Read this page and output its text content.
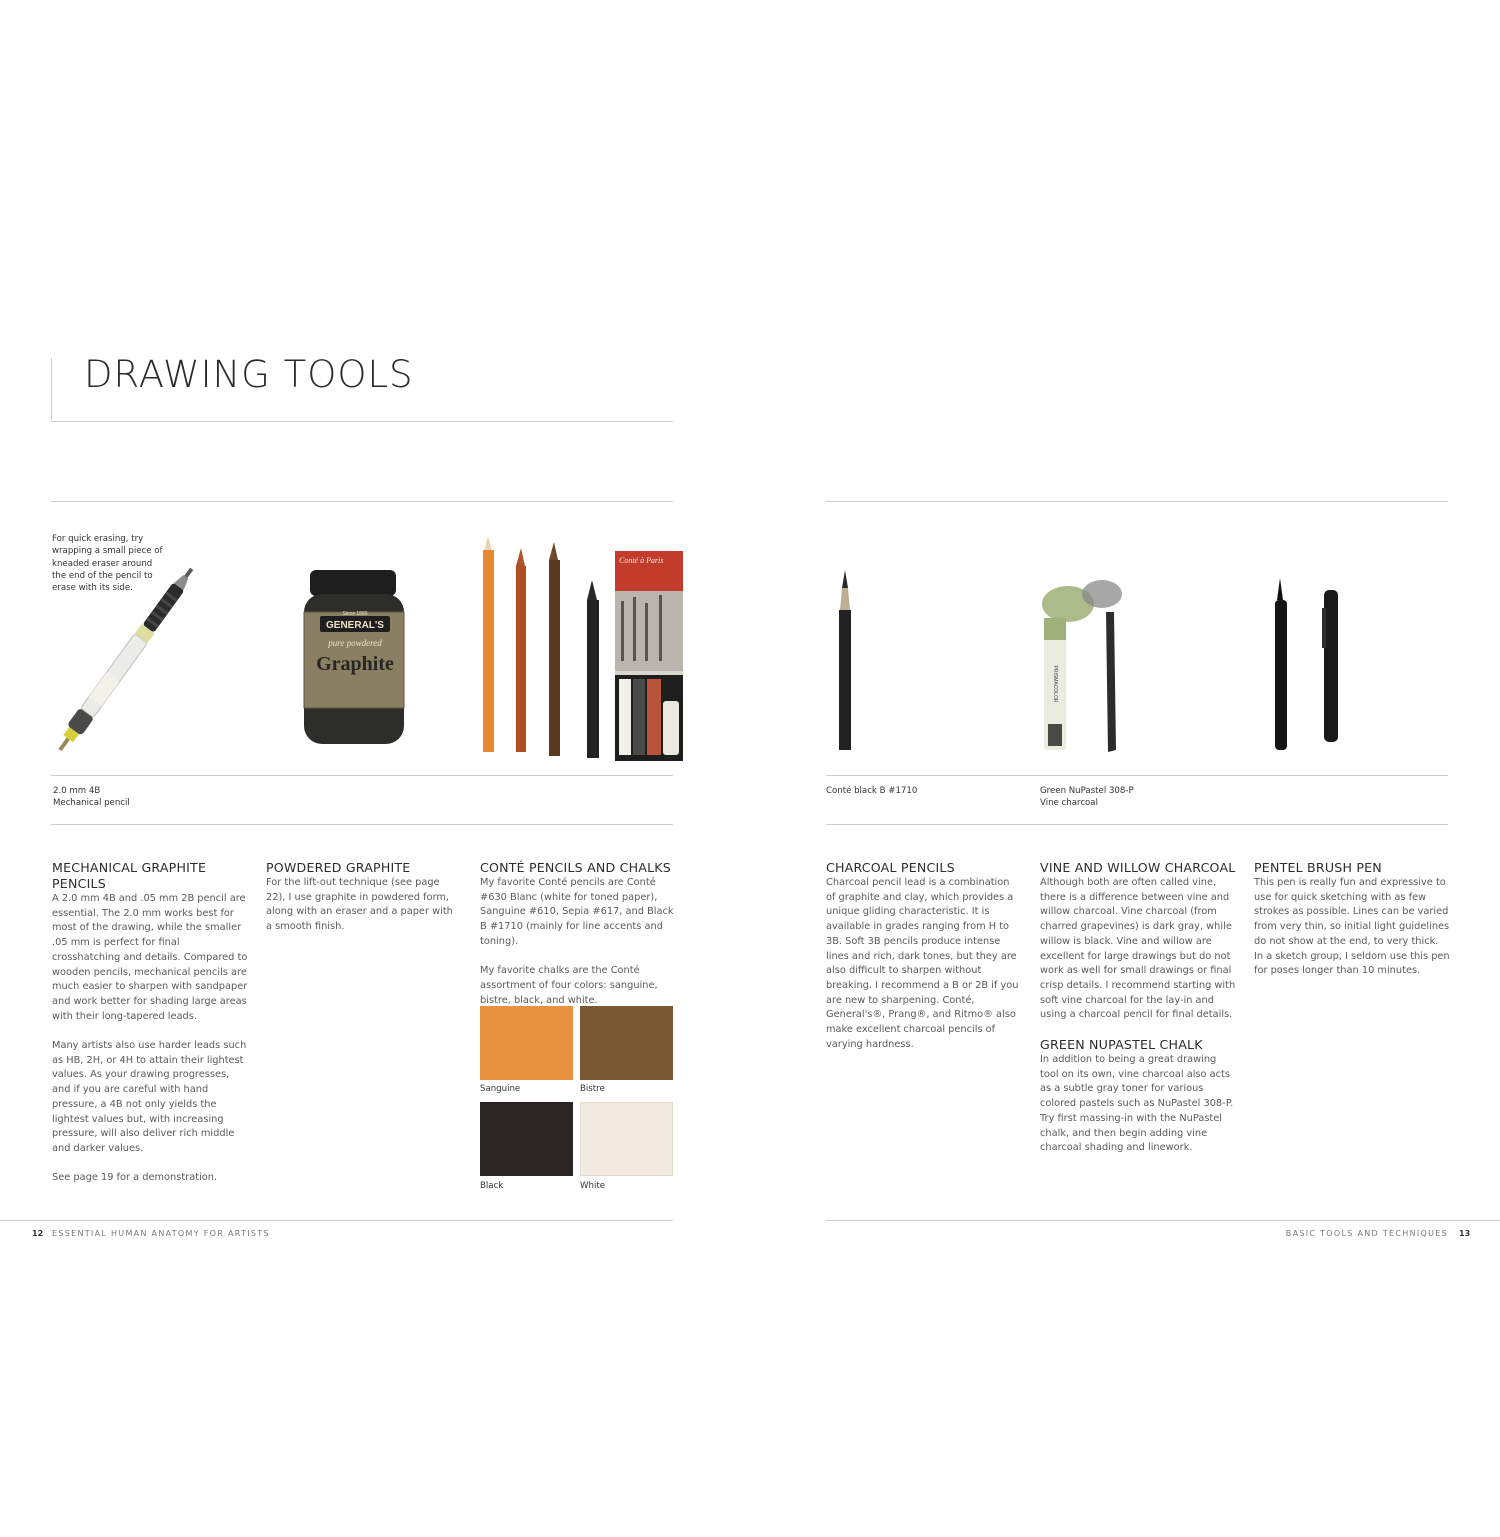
DRAWING TOOLS
For quick erasing, try wrapping a small piece of kneaded eraser around the end of the pencil to erase with its side.
GENERAL'S
Since 1889
pure powdered
Graphite
Conté à Paris
2.0 mm 4B
Mechanical pencil
MECHANICAL GRAPHITE PENCILS

A 2.0 mm 4B and .05 mm 2B pencil are essential. The 2.0 mm works best for most of the drawing, while the smaller .05 mm is perfect for final crosshatching and details. Compared to wooden pencils, mechanical pencils are much easier to sharpen with sandpaper and work better for shading large areas with their long-tapered leads.

Many artists also use harder leads such as HB, 2H, or 4H to attain their lightest values. As your drawing progresses, and if you are careful with hand pressure, a 4B not only yields the lightest values but, with increasing pressure, will also deliver rich middle and darker values.

See page 19 for a demonstration.

POWDERED GRAPHITE

For the lift-out technique (see page 22), I use graphite in powdered form, along with an eraser and a paper with a smooth finish.

CONTÉ PENCILS AND CHALKS

My favorite Conté pencils are Conté #630 Blanc (white for toned paper), Sanguine #610, Sepia #617, and Black B #1710 (mainly for line accents and toning).

My favorite chalks are the Conté assortment of four colors: sanguine, bistre, black, and white.

Sanguine	Bistre
Black	White
12 ESSENTIAL HUMAN ANATOMY FOR ARTISTS
PRISMACOLOR
Conté black B #1710	Green NuPastel 308-P
Vine charcoal
CHARCOAL PENCILS

Charcoal pencil lead is a combination of graphite and clay, which provides a unique gliding characteristic. It is available in grades ranging from H to 3B. Soft 3B pencils produce intense lines and rich, dark tones, but they are also difficult to sharpen without breaking. I recommend a B or 2B if you are new to sharpening. Conté, General's®, Prang®, and Ritmo® also make excellent charcoal pencils of varying hardness.

VINE AND WILLOW CHARCOAL

Although both are often called vine, there is a difference between vine and willow charcoal. Vine charcoal (from charred grapevines) is dark gray, while willow is black. Vine and willow are excellent for large drawings but do not work as well for small drawings or final crisp details. I recommend starting with soft vine charcoal for the lay-in and using a charcoal pencil for final details.

GREEN NUPASTEL CHALK

In addition to being a great drawing tool on its own, vine charcoal also acts as a subtle gray toner for various colored pastels such as NuPastel 308-P. Try first massing-in with the NuPastel chalk, and then begin adding vine charcoal shading and linework.

PENTEL BRUSH PEN

This pen is really fun and expressive to use for quick sketching with as few strokes as possible. Lines can be varied from very thin, so initial light guidelines do not show at the end, to very thick. In a sketch group, I seldom use this pen for poses longer than 10 minutes.

BASIC TOOLS AND TECHNIQUES 13
